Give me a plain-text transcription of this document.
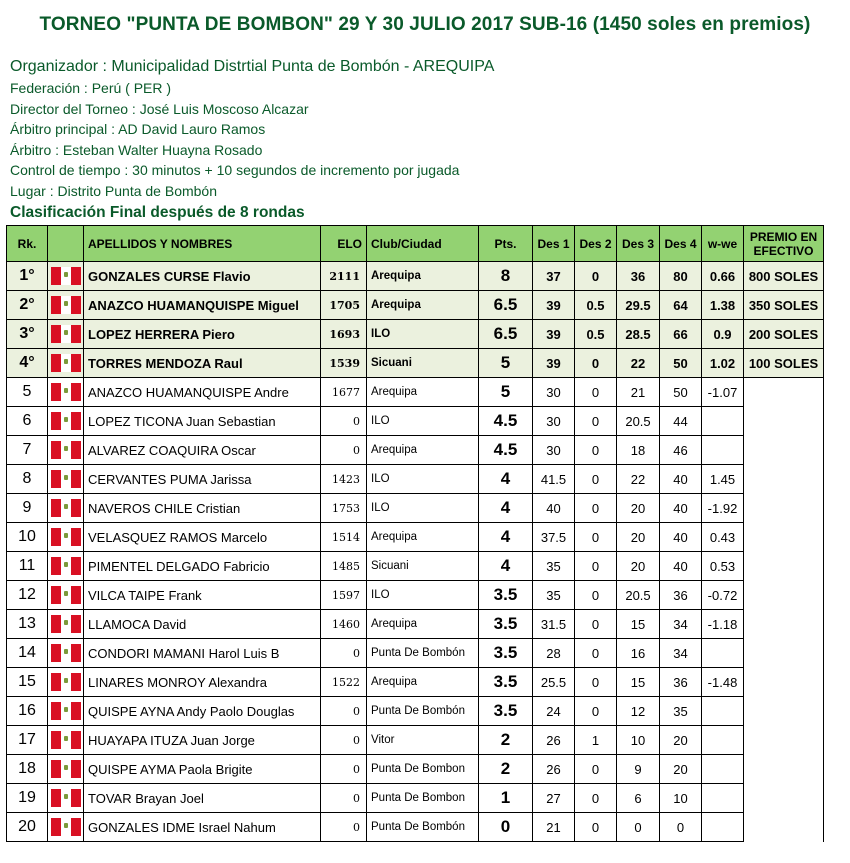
TORNEO "PUNTA DE BOMBON" 29 Y 30 JULIO 2017 SUB-16 (1450 soles en premios)
Organizador : Municipalidad Distrtial Punta de Bombón - AREQUIPA
Federación : Perú ( PER )
Director del Torneo : José Luis Moscoso Alcazar
Árbitro principal : AD David Lauro Ramos
Árbitro : Esteban Walter Huayna Rosado
Control de tiempo : 30 minutos + 10 segundos de incremento por jugada
Lugar : Distrito Punta de Bombón
Clasificación Final después de 8 rondas
Rk.		APELLIDOS Y NOMBRES	ELO	Club/Ciudad	Pts.	Des 1	Des 2	Des 3	Des 4	w-we	PREMIO EN EFECTIVO
1°		GONZALES CURSE Flavio	2111	Arequipa	8	37	0	36	80	0.66	800 SOLES
2°		ANAZCO HUAMANQUISPE Miguel	1705	Arequipa	6.5	39	0.5	29.5	64	1.38	350 SOLES
3°		LOPEZ HERRERA Piero	1693	ILO	6.5	39	0.5	28.5	66	0.9	200 SOLES
4°		TORRES MENDOZA Raul	1539	Sicuani	5	39	0	22	50	1.02	100 SOLES
5		ANAZCO HUAMANQUISPE Andre	1677	Arequipa	5	30	0	21	50	-1.07	
6		LOPEZ TICONA Juan Sebastian	0	ILO	4.5	30	0	20.5	44		
7		ALVAREZ COAQUIRA Oscar	0	Arequipa	4.5	30	0	18	46		
8		CERVANTES PUMA Jarissa	1423	ILO	4	41.5	0	22	40	1.45	
9		NAVEROS CHILE Cristian	1753	ILO	4	40	0	20	40	-1.92	
10		VELASQUEZ RAMOS Marcelo	1514	Arequipa	4	37.5	0	20	40	0.43	
11		PIMENTEL DELGADO Fabricio	1485	Sicuani	4	35	0	20	40	0.53	
12		VILCA TAIPE Frank	1597	ILO	3.5	35	0	20.5	36	-0.72	
13		LLAMOCA David	1460	Arequipa	3.5	31.5	0	15	34	-1.18	
14		CONDORI MAMANI Harol Luis B	0	Punta De Bombón	3.5	28	0	16	34		
15		LINARES MONROY Alexandra	1522	Arequipa	3.5	25.5	0	15	36	-1.48	
16		QUISPE AYNA Andy Paolo Douglas	0	Punta De Bombón	3.5	24	0	12	35		
17		HUAYAPA ITUZA Juan Jorge	0	Vitor	2	26	1	10	20		
18		QUISPE AYMA Paola Brigite	0	Punta De Bombon	2	26	0	9	20		
19		TOVAR Brayan Joel	0	Punta De Bombon	1	27	0	6	10		
20		GONZALES IDME Israel Nahum	0	Punta De Bombón	0	21	0	0	0		
